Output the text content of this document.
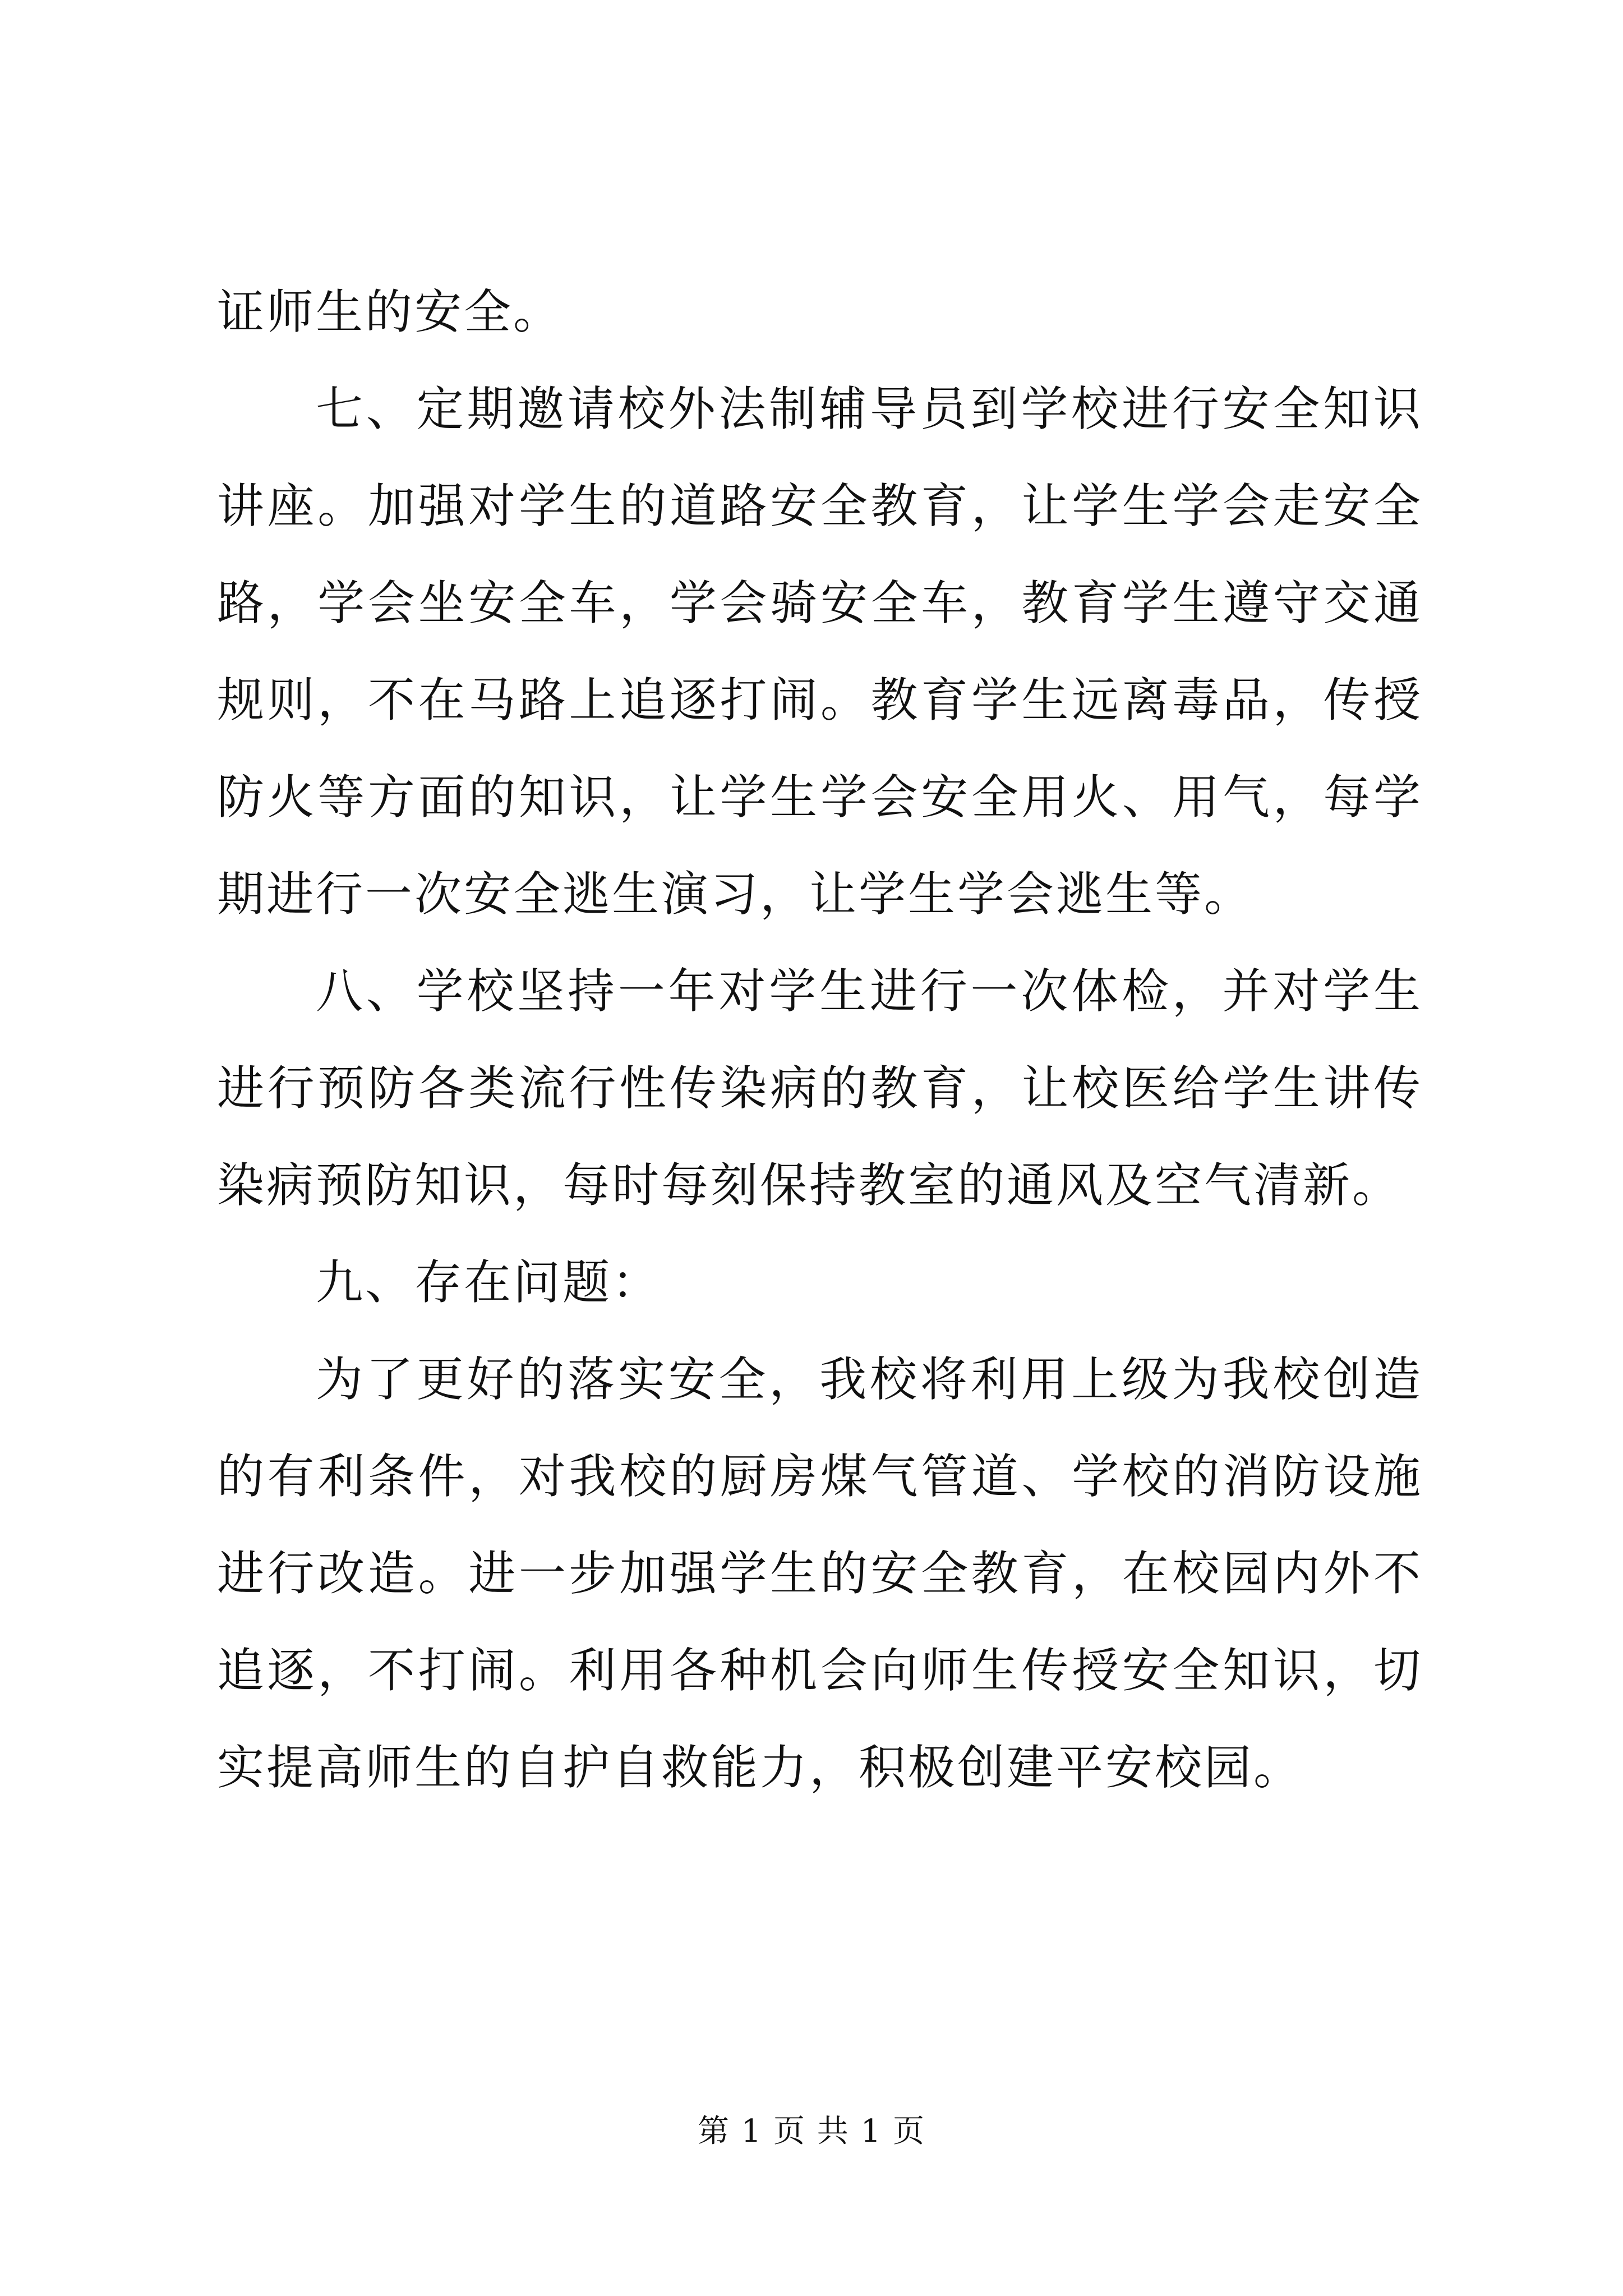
证师生的安全。

七、定期邀请校外法制辅导员到学校进行安全知识讲座。加强对学生的道路安全教育，让学生学会走安全路，学会坐安全车，学会骑安全车，教育学生遵守交通规则，不在马路上追逐打闹。教育学生远离毒品，传授防火等方面的知识，让学生学会安全用火、用气，每学期进行一次安全逃生演习，让学生学会逃生等。

八、学校坚持一年对学生进行一次体检，并对学生进行预防各类流行性传染病的教育，让校医给学生讲传染病预防知识，每时每刻保持教室的通风及空气清新。

九、存在问题：

为了更好的落实安全，我校将利用上级为我校创造的有利条件，对我校的厨房煤气管道、学校的消防设施进行改造。进一步加强学生的安全教育，在校园内外不追逐，不打闹。利用各种机会向师生传授安全知识，切实提高师生的自护自救能力，积极创建平安校园。

第 1 页 共 1 页
